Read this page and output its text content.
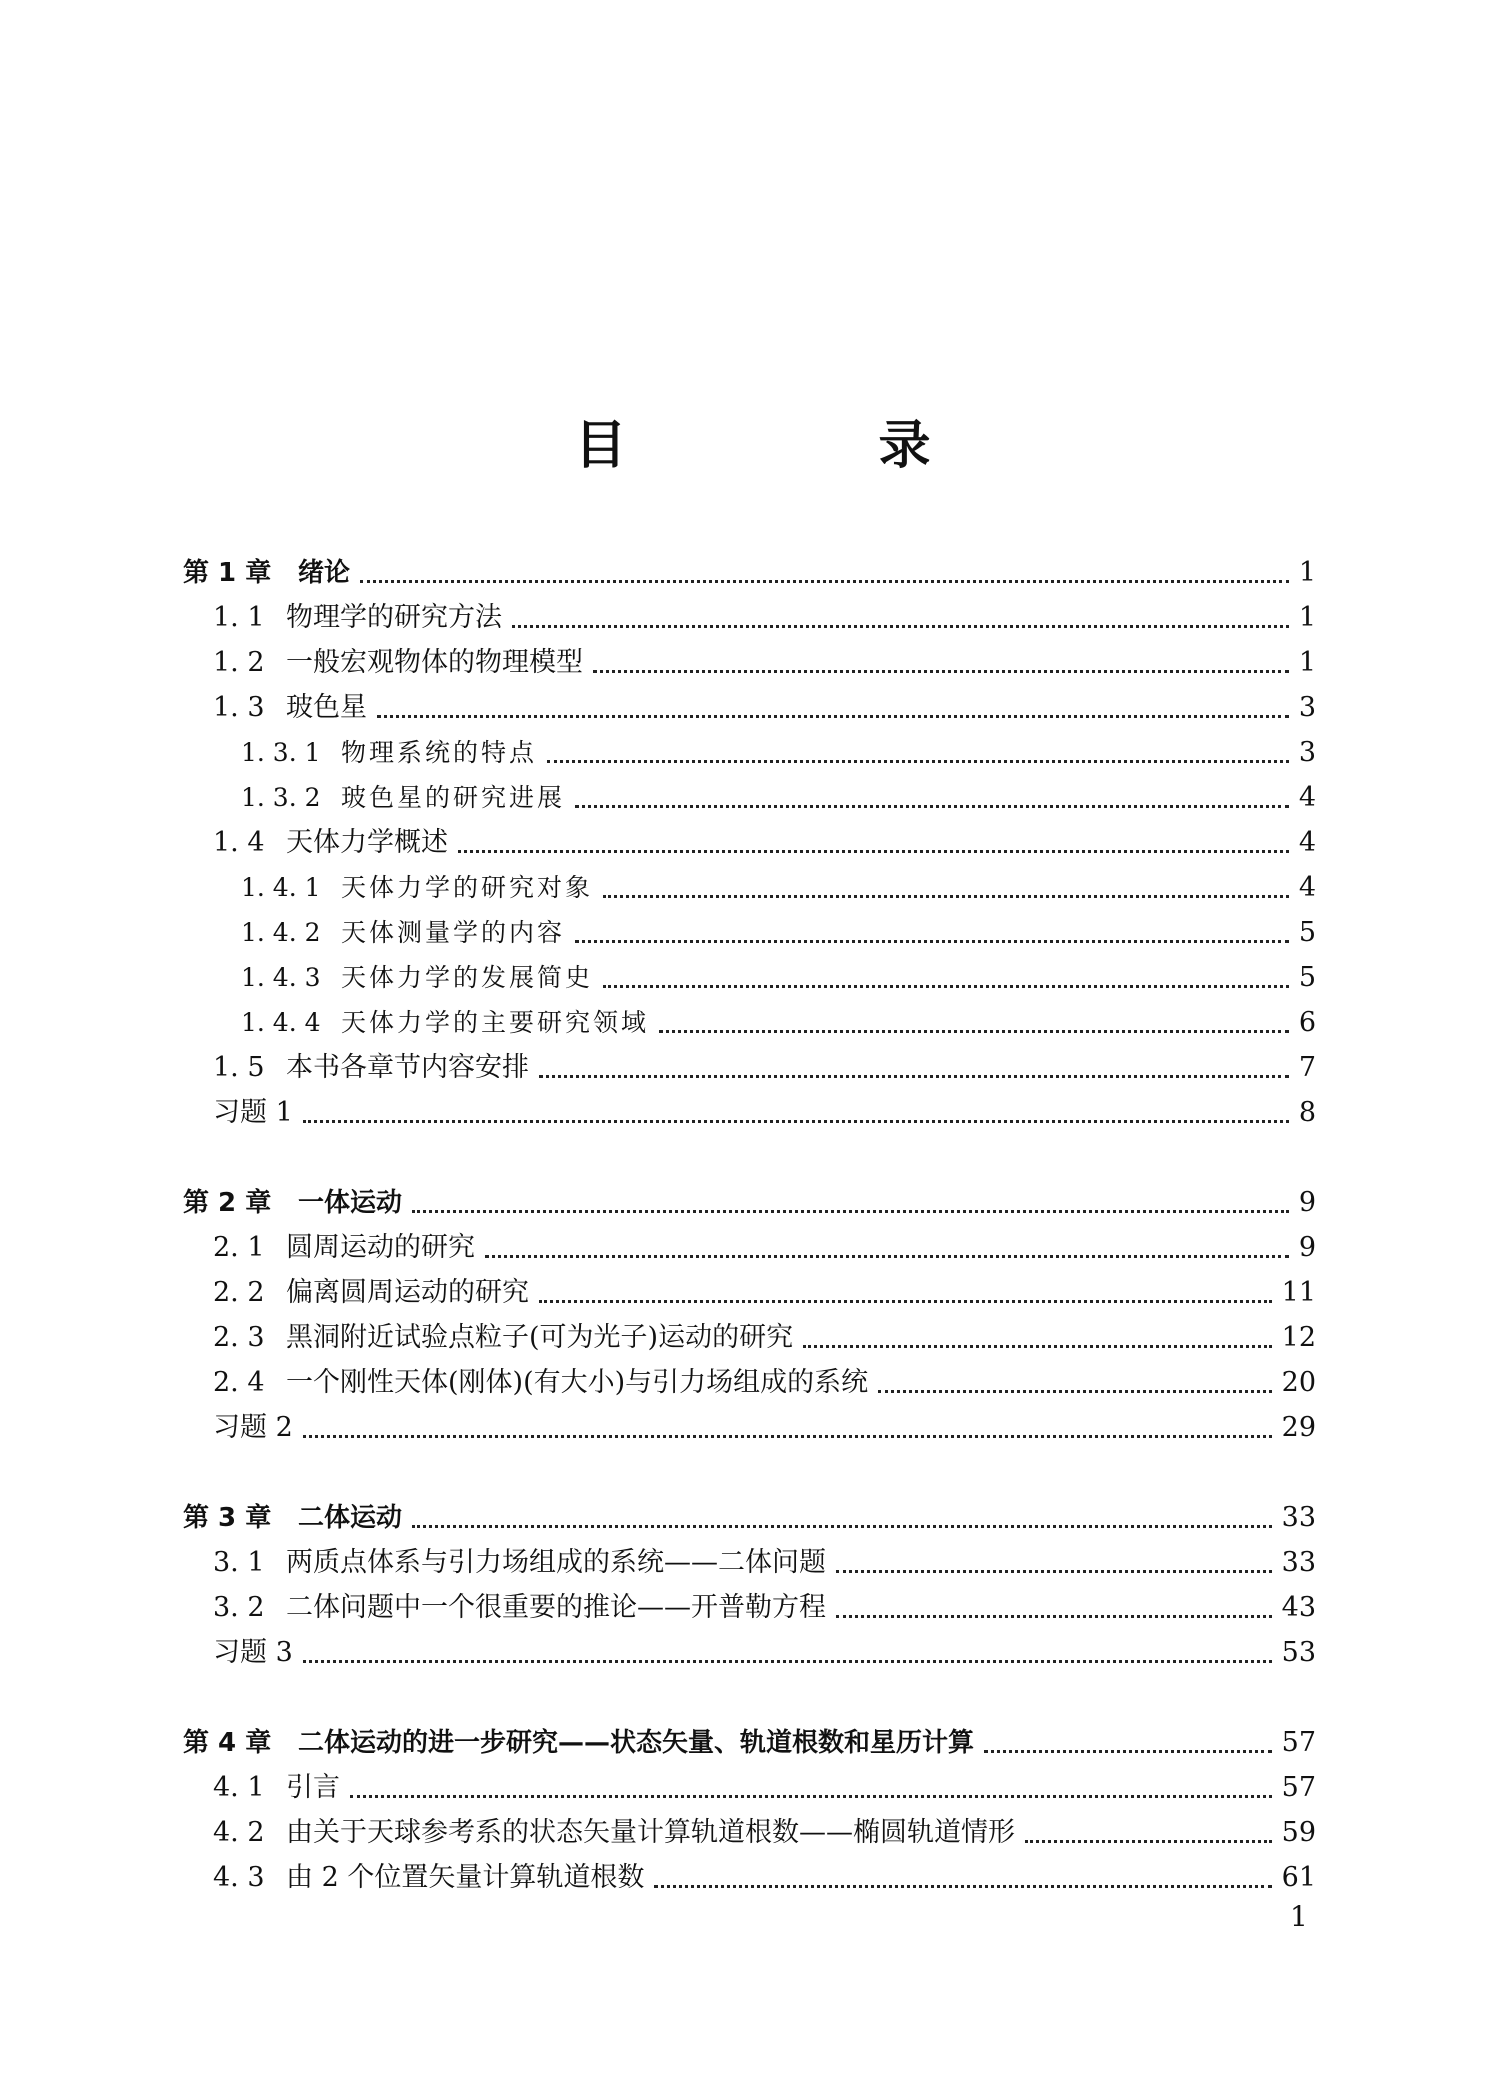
目　录
第 1 章	绪论	1
1. 1 物理学的研究方法	1
1. 2 一般宏观物体的物理模型	1
1. 3 玻色星	3
1. 3. 1 物理系统的特点	3
1. 3. 2 玻色星的研究进展	4
1. 4 天体力学概述	4
1. 4. 1 天体力学的研究对象	4
1. 4. 2 天体测量学的内容	5
1. 4. 3 天体力学的发展简史	5
1. 4. 4 天体力学的主要研究领域	6
1. 5 本书各章节内容安排	7
习题 1	8
第 2 章	一体运动	9
2. 1 圆周运动的研究	9
2. 2 偏离圆周运动的研究	11
2. 3 黑洞附近试验点粒子(可为光子)运动的研究	12
2. 4 一个刚性天体(刚体)(有大小)与引力场组成的系统	20
习题 2	29
第 3 章	二体运动	33
3. 1 两质点体系与引力场组成的系统——二体问题	33
3. 2 二体问题中一个很重要的推论——开普勒方程	43
习题 3	53
第 4 章	二体运动的进一步研究——状态矢量、轨道根数和星历计算	57
4. 1 引言	57
4. 2 由关于天球参考系的状态矢量计算轨道根数——椭圆轨道情形	59
4. 3 由 2 个位置矢量计算轨道根数	61
1
